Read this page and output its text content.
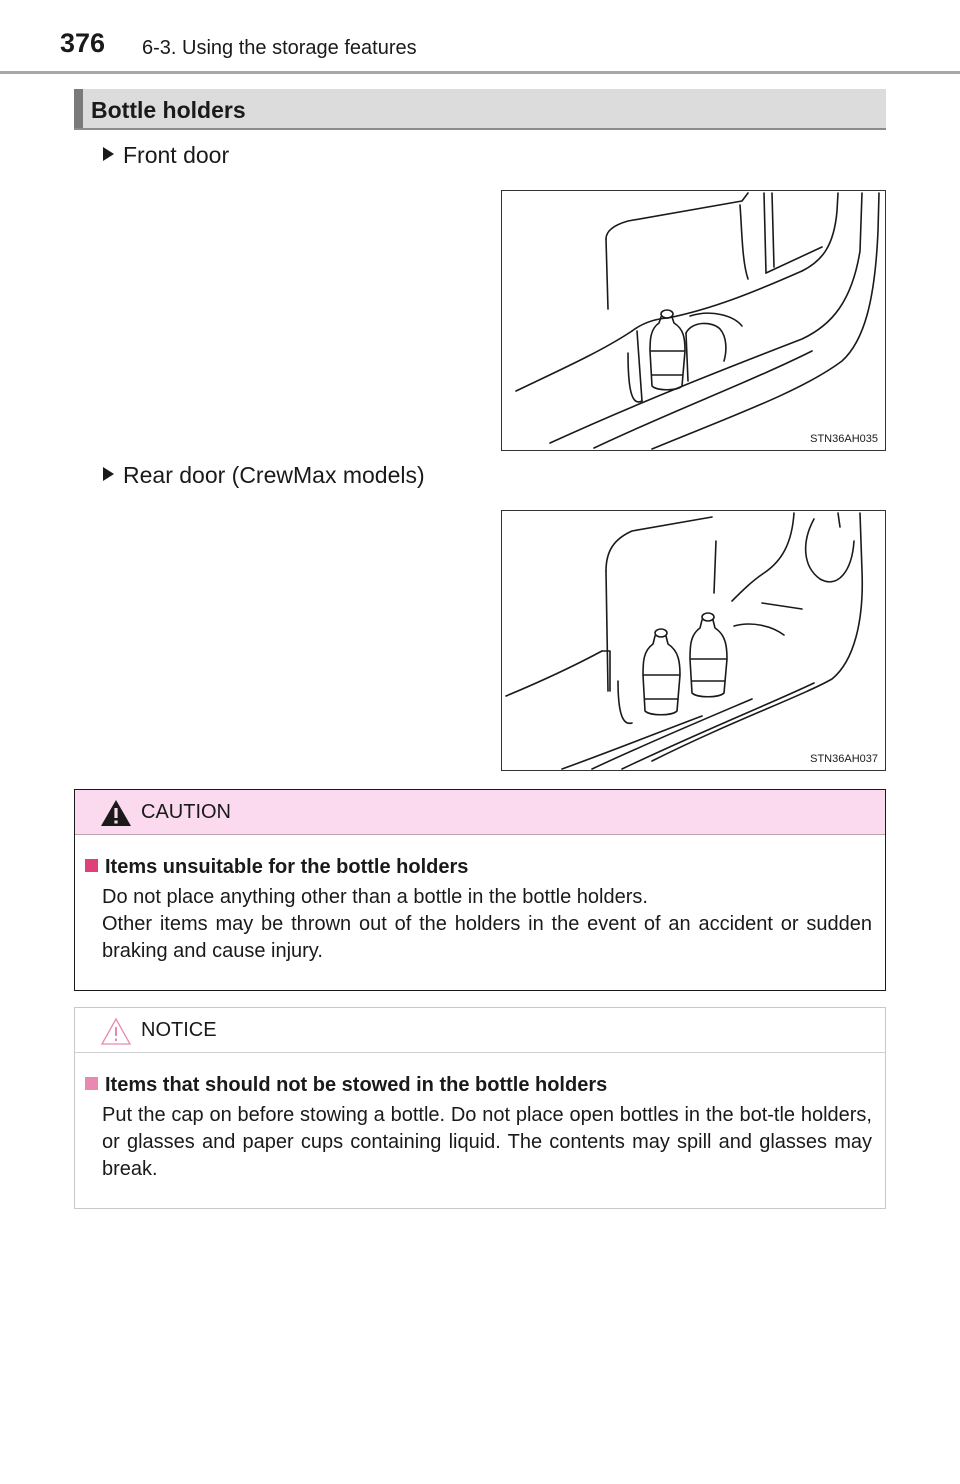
376 6-3. Using the storage features
Bottle holders
Front door
STN36AH035
Rear door (CrewMax models)
STN36AH037
CAUTION
Items unsuitable for the bottle holders

Do not place anything other than a bottle in the bottle holders.

Other items may be thrown out of the holders in the event of an accident or sudden braking and cause injury.

NOTICE
Items that should not be stowed in the bottle holders

Put the cap on before stowing a bottle. Do not place open bottles in the bot-tle holders, or glasses and paper cups containing liquid. The contents may spill and glasses may break.
